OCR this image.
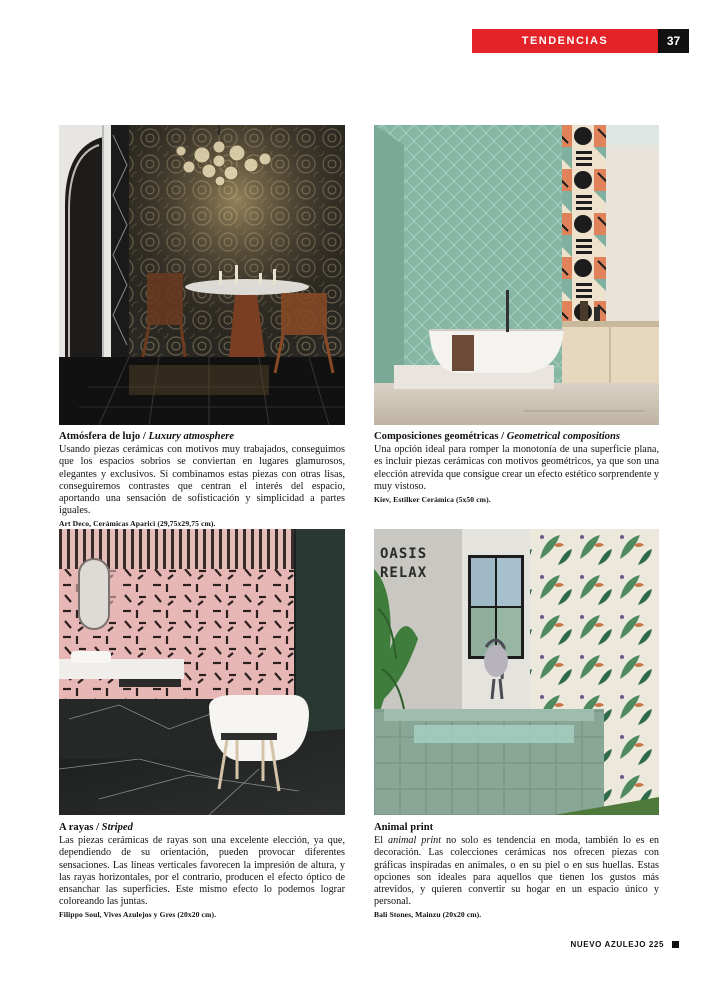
TENDENCIAS	37
Atmósfera de lujo / Luxury atmosphere
Usando piezas cerámicas con motivos muy trabajados, conseguimos que los espacios sobrios se conviertan en lugares glamurosos, elegantes y exclusivos. Si combinamos estas piezas con otras lisas, conseguiremos contrastes que centran el interés del espacio, aportando una sensación de sofisticación y simplicidad a partes iguales.
Art Deco, Cerámicas Aparici (29,75x29,75 cm).
Composiciones geométricas / Geometrical compositions
Una opción ideal para romper la monotonía de una superficie plana, es incluir piezas cerámicas con motivos geométricos, ya que son una elección atrevida que consigue crear un efecto estético sorprendente y muy vistoso.
Kiev, Estilker Cerámica (5x50 cm).
OASIS
RELAX
A rayas / Striped
Las piezas cerámicas de rayas son una excelente elección, ya que, dependiendo de su orientación, pueden provocar diferentes sensaciones. Las líneas verticales favorecen la impresión de altura, y las rayas horizontales, por el contrario, producen el efecto óptico de ensanchar las superficies. Este mismo efecto lo podemos lograr coloreando las juntas.
Filippo Soul, Vives Azulejos y Gres (20x20 cm).
Animal print
El animal print no solo es tendencia en moda, también lo es en decoración. Las colecciones cerámicas nos ofrecen piezas con gráficas inspiradas en animales, o en su piel o en sus huellas. Estas opciones son ideales para aquellos que tienen los gustos más atrevidos, y quieren convertir su hogar en un espacio único y personal.
Bali Stones, Mainzu (20x20 cm).
NUEVO AZULEJO 225
